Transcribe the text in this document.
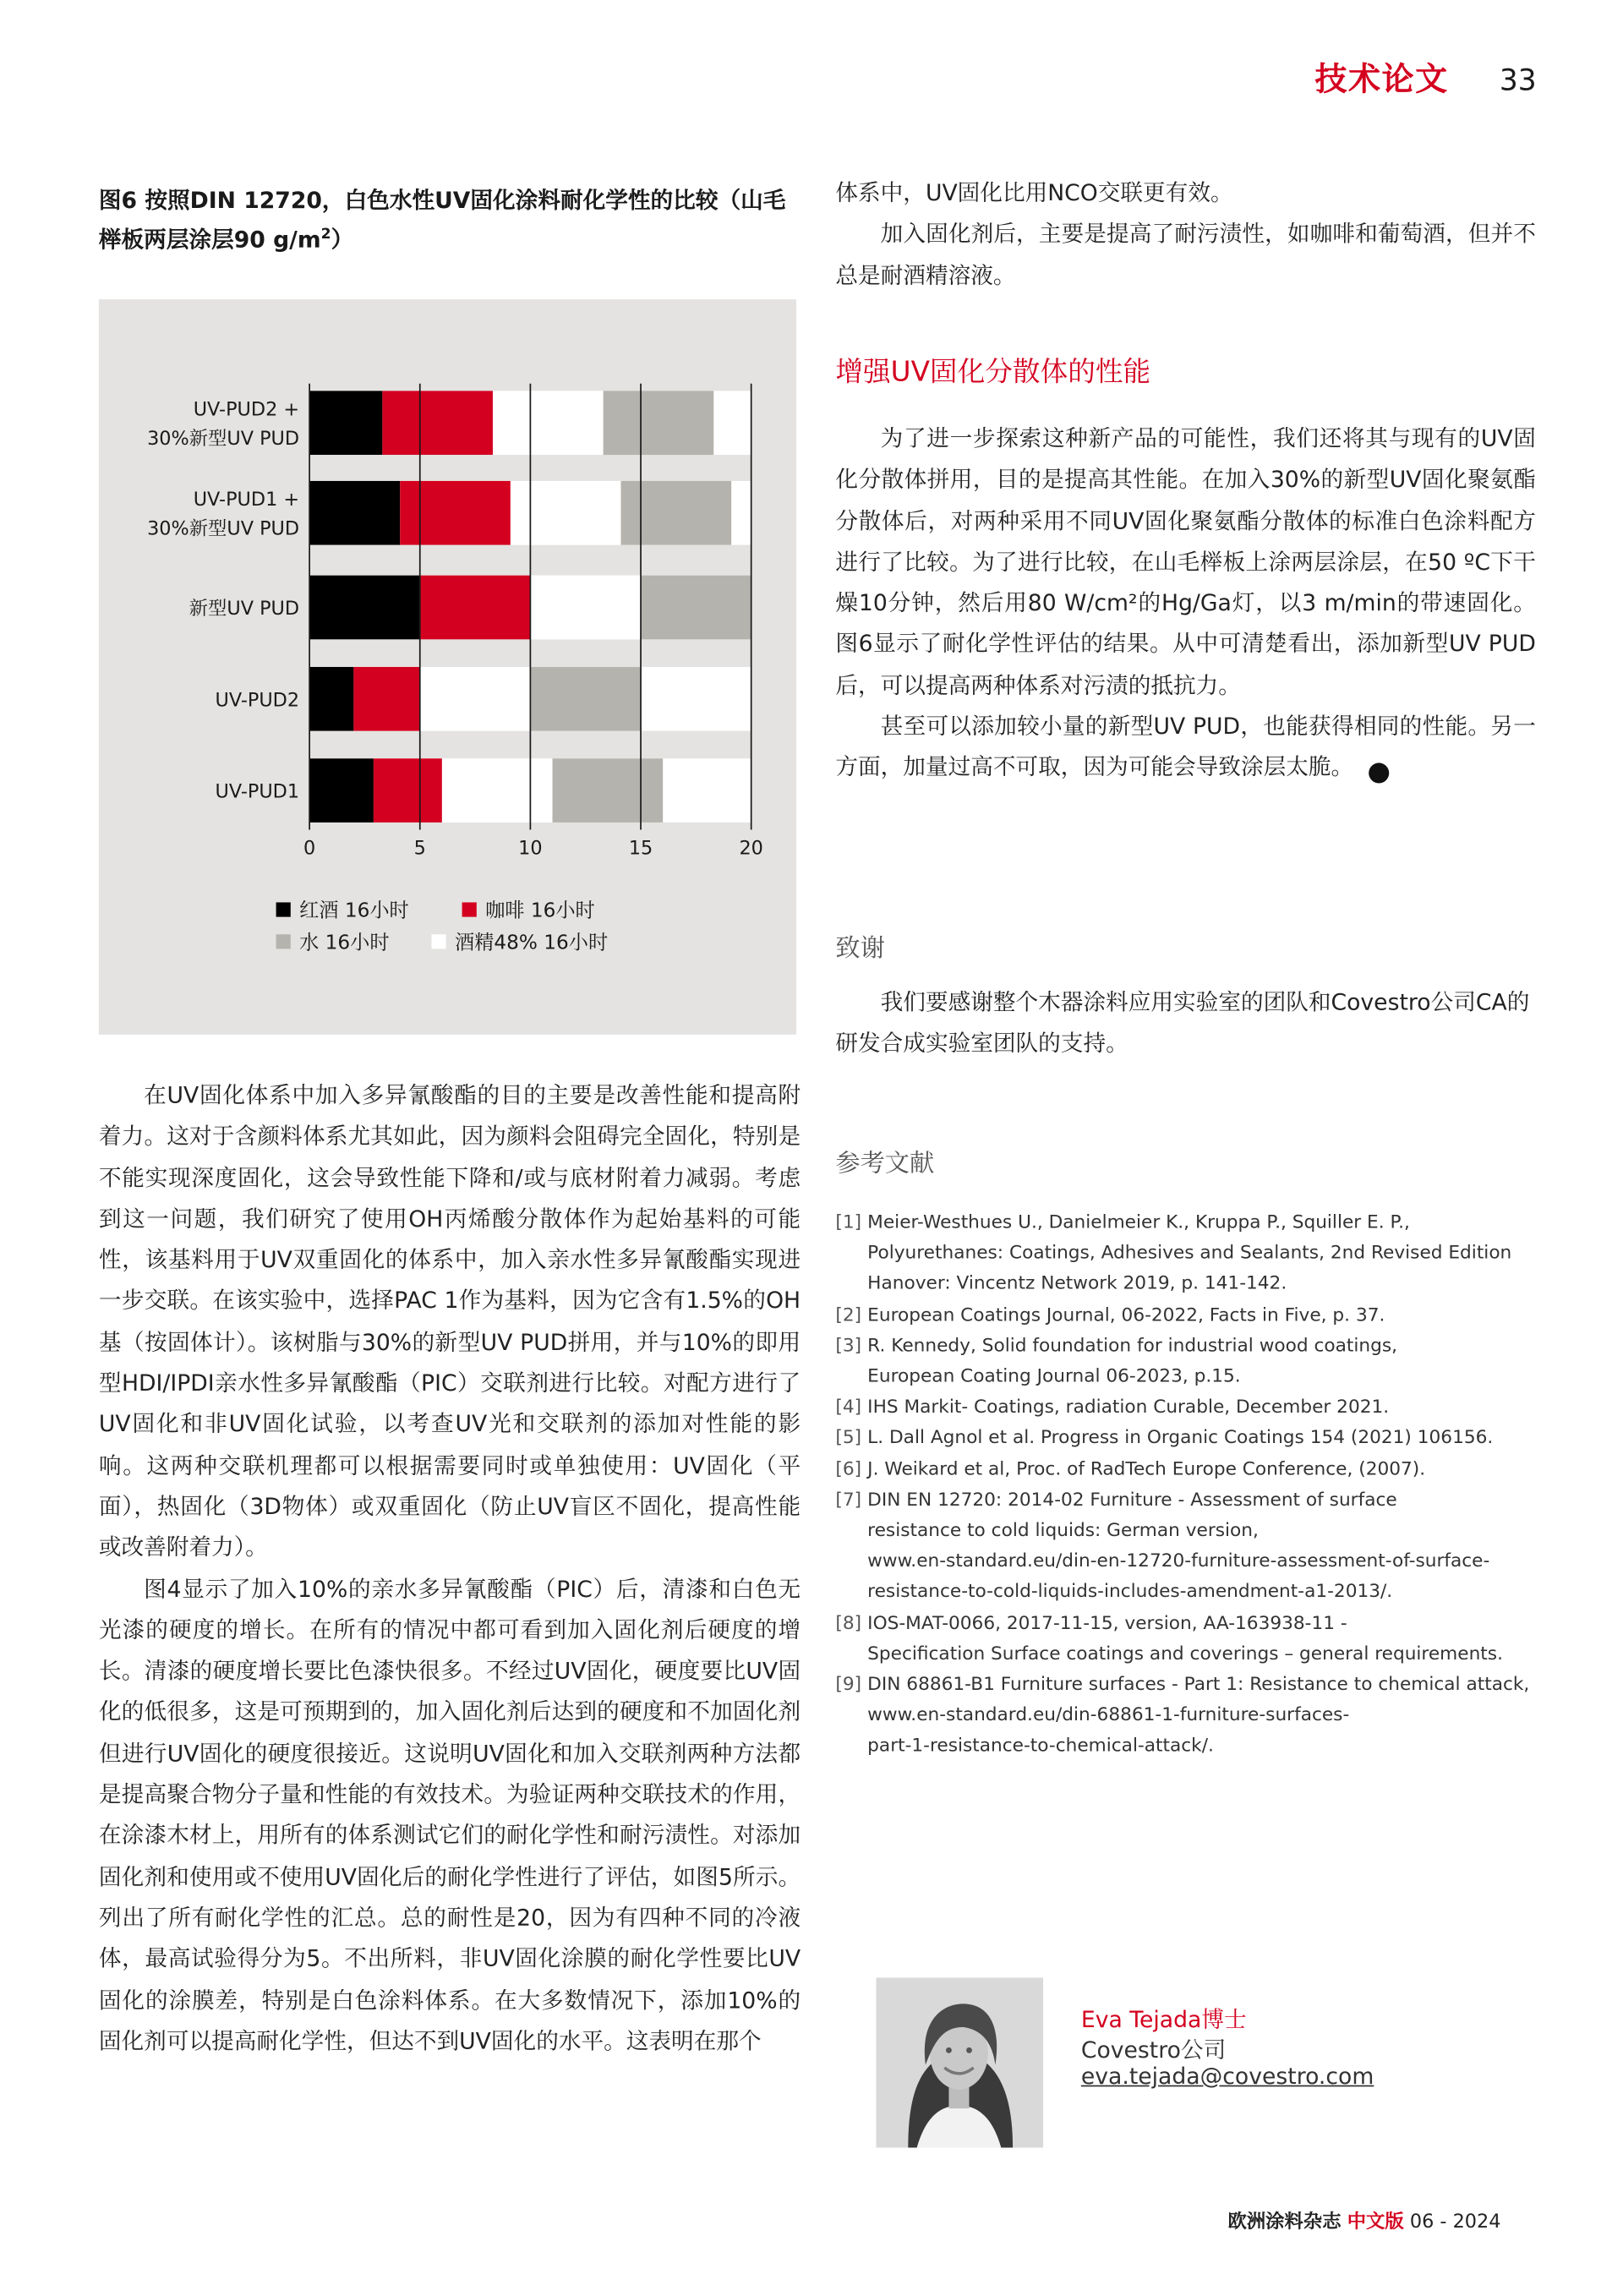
技术论文	33
图6 按照DIN 12720，白色水性UV固化涂料耐化学性的比较（山毛榉板两层涂层90 $g/m^2$）
0	5	10	15	20
UV-PUD2 +
30%新型UV PUD
UV-PUD1 +
30%新型UV PUD
新型UV PUD
UV-PUD2
UV-PUD1
红酒 16小时	咖啡 16小时
水 16小时	酒精48% 16小时

在UV固化体系中加入多异氰酸酯的目的主要是改善性能和提高附着力。这对于含颜料体系尤其如此，因为颜料会阻碍完全固化，特别是不能实现深度固化，这会导致性能下降和/或与底材附着力减弱。考虑到这一问题，我们研究了使用OH丙烯酸分散体作为起始基料的可能性，该基料用于UV双重固化的体系中，加入亲水性多异氰酸酯实现进一步交联。在该实验中，选择PAC 1作为基料，因为它含有1.5%的OH基（按固体计）。该树脂与30%的新型UV PUD拼用，并与10%的即用型HDI/IPDI亲水性多异氰酸酯（PIC）交联剂进行比较。对配方进行了UV固化和非UV固化试验，以考查UV光和交联剂的添加对性能的影响。这两种交联机理都可以根据需要同时或单独使用：UV固化（平面），热固化（3D物体）或双重固化（防止UV盲区不固化，提高性能或改善附着力）。

图4显示了加入10%的亲水多异氰酸酯（PIC）后，清漆和白色无光漆的硬度的增长。在所有的情况中都可看到加入固化剂后硬度的增长。清漆的硬度增长要比色漆快很多。不经过UV固化，硬度要比UV固化的低很多，这是可预期到的，加入固化剂后达到的硬度和不加固化剂但进行UV固化的硬度很接近。这说明UV固化和加入交联剂两种方法都是提高聚合物分子量和性能的有效技术。为验证两种交联技术的作用，在涂漆木材上，用所有的体系测试它们的耐化学性和耐污渍性。对添加固化剂和使用或不使用UV固化后的耐化学性进行了评估，如图5所示。列出了所有耐化学性的汇总。总的耐性是20，因为有四种不同的冷液体，最高试验得分为5。不出所料，非UV固化涂膜的耐化学性要比UV固化的涂膜差，特别是白色涂料体系。在大多数情况下，添加10%的固化剂可以提高耐化学性，但达不到UV固化的水平。这表明在那个

体系中，UV固化比用NCO交联更有效。

加入固化剂后，主要是提高了耐污渍性，如咖啡和葡萄酒，但并不总是耐酒精溶液。

增强UV固化分散体的性能

为了进一步探索这种新产品的可能性，我们还将其与现有的UV固化分散体拼用，目的是提高其性能。在加入30%的新型UV固化聚氨酯分散体后，对两种采用不同UV固化聚氨酯分散体的标准白色涂料配方进行了比较。为了进行比较，在山毛榉板上涂两层涂层，在50 ºC下干燥10分钟，然后用80 W/cm²的Hg/Ga灯，以3 m/min的带速固化。图6显示了耐化学性评估的结果。从中可清楚看出，添加新型UV PUD后，可以提高两种体系对污渍的抵抗力。

甚至可以添加较小量的新型UV PUD，也能获得相同的性能。另一方面，加量过高不可取，因为可能会导致涂层太脆。	◂

致谢

我们要感谢整个木器涂料应用实验室的团队和Covestro公司CA的研发合成实验室团队的支持。

参考文献
[1] Meier-Westhues U., Danielmeier K., Kruppa P., Squiller E. P.,
Polyurethanes: Coatings, Adhesives and Sealants, 2nd Revised Edition
Hanover: Vincentz Network 2019, p. 141-142.
[2] European Coatings Journal, 06-2022, Facts in Five, p. 37.
[3] R. Kennedy, Solid foundation for industrial wood coatings,
European Coating Journal 06-2023, p.15.
[4] IHS Markit- Coatings, radiation Curable, December 2021.
[5] L. Dall Agnol et al. Progress in Organic Coatings 154 (2021) 106156.
[6] J. Weikard et al, Proc. of RadTech Europe Conference, (2007).
[7] DIN EN 12720: 2014-02 Furniture - Assessment of surface
resistance to cold liquids: German version,
www.en-standard.eu/din-en-12720-furniture-assessment-of-surface-
resistance-to-cold-liquids-includes-amendment-a1-2013/.
[8] IOS-MAT-0066, 2017-11-15, version, AA-163938-11 -
Specification Surface coatings and coverings – general requirements.
[9] DIN 68861-B1 Furniture surfaces - Part 1: Resistance to chemical attack,
www.en-standard.eu/din-68861-1-furniture-surfaces-
part-1-resistance-to-chemical-attack/.
Eva Tejada博士
Covestro公司
eva.tejada@covestro.com
欧洲涂料杂志 中文版 06 - 2024
